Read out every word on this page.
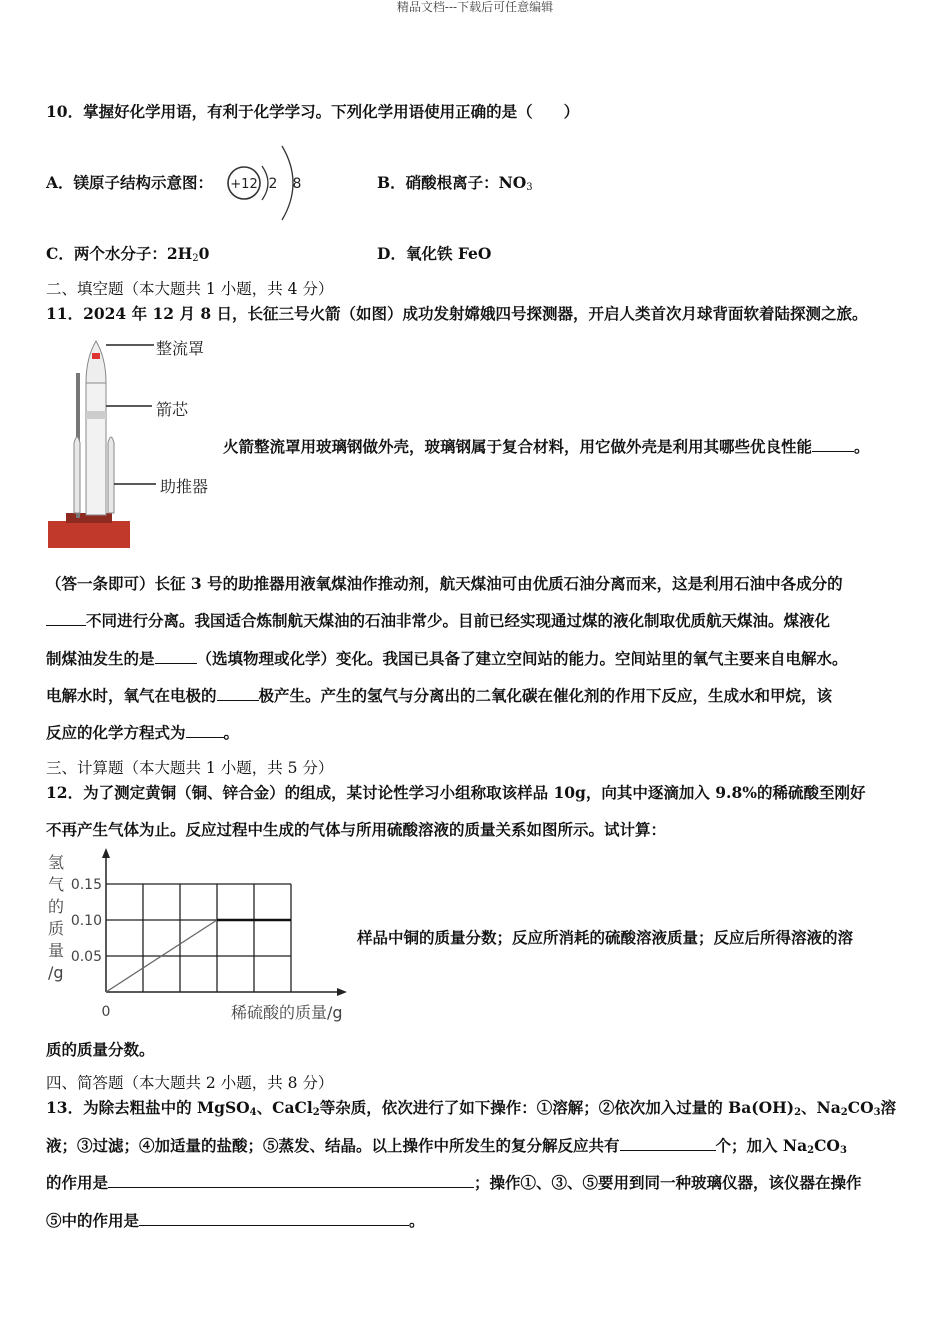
精品文档---下载后可任意编辑
10．掌握好化学用语，有利于化学学习。下列化学用语使用正确的是（　　）
A．镁原子结构示意图： +12 2 8	B．硝酸根离子：$NO_3$
C．两个水分子：$2H_20$	D．氧化铁 FeO
二、填空题（本大题共 1 小题，共 4 分）
11．2024 年 12 月 8 日，长征三号火箭（如图）成功发射嫦娥四号探测器，开启人类首次月球背面软着陆探测之旅。
整流罩
箭芯
助推器
火箭整流罩用玻璃钢做外壳，玻璃钢属于复合材料，用它做外壳是利用其哪些优良性能	。
（答一条即可）长征 3 号的助推器用液氧煤油作推动剂，航天煤油可由优质石油分离而来，这是利用石油中各成分的
不同进行分离。我国适合炼制航天煤油的石油非常少。目前已经实现通过煤的液化制取优质航天煤油。煤液化
制煤油发生的是	（选填物理或化学）变化。我国已具备了建立空间站的能力。空间站里的氧气主要来自电解水。
电解水时，氧气在电极的	极产生。产生的氢气与分离出的二氧化碳在催化剂的作用下反应，生成水和甲烷，该
反应的化学方程式为 。
三、计算题（本大题共 1 小题，共 5 分）
12．为了测定黄铜（铜、锌合金）的组成，某讨论性学习小组称取该样品 10g，向其中逐滴加入 9.8%的稀硫酸至刚好
不再产生气体为止。反应过程中生成的气体与所用硫酸溶液的质量关系如图所示。试计算：
0.05
0.10
0.15
氢
气
的
质
量
/g
0	稀硫酸的质量/g
样品中铜的质量分数；反应所消耗的硫酸溶液质量；反应后所得溶液的溶
质的质量分数。
四、简答题（本大题共 2 小题，共 8 分）
13．为除去粗盐中的 MgSO$_4$、CaCl$_2$等杂质，依次进行了如下操作：①溶解；②依次加入过量的 $Ba(OH)_2$、$Na_2CO_3$溶
液；③过滤；④加适量的盐酸；⑤蒸发、结晶。以上操作中所发生的复分解反应共有	个；加入 $Na_2CO_3$
的作用是	；操作①、③、⑤要用到同一种玻璃仪器，该仪器在操作
⑤中的作用是	。
